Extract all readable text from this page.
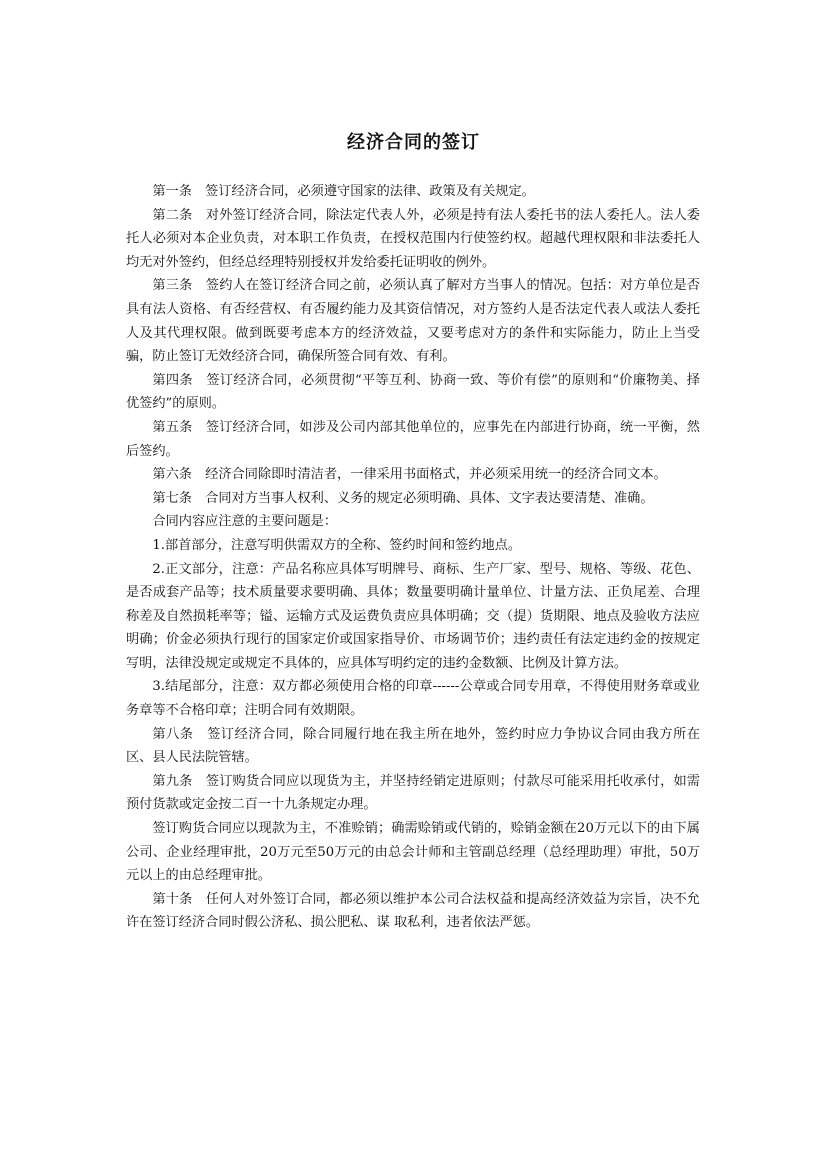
经济合同的签订

第一条　签订经济合同，必须遵守国家的法律、政策及有关规定。

第二条　对外签订经济合同，除法定代表人外，必须是持有法人委托书的法人委托人。法人委托人必须对本企业负责，对本职工作负责，在授权范围内行使签约权。超越代理权限和非法委托人均无对外签约，但经总经理特别授权并发给委托证明收的例外。

第三条　签约人在签订经济合同之前，必须认真了解对方当事人的情况。包括：对方单位是否具有法人资格、有否经营权、有否履约能力及其资信情况，对方签约人是否法定代表人或法人委托人及其代理权限。做到既要考虑本方的经济效益，又要考虑对方的条件和实际能力，防止上当受骗，防止签订无效经济合同，确保所签合同有效、有利。

第四条　签订经济合同，必须贯彻“平等互利、协商一致、等价有偿”的原则和“价廉物美、择优签约”的原则。

第五条　签订经济合同，如涉及公司内部其他单位的，应事先在内部进行协商，统一平衡，然后签约。

第六条　经济合同除即时清洁者，一律采用书面格式，并必须采用统一的经济合同文本。

第七条　合同对方当事人权利、义务的规定必须明确、具体、文字表达要清楚、准确。

合同内容应注意的主要问题是：

1.部首部分，注意写明供需双方的全称、签约时间和签约地点。

2.正文部分，注意：产品名称应具体写明牌号、商标、生产厂家、型号、规格、等级、花色、是否成套产品等；技术质量要求要明确、具体；数量要明确计量单位、计量方法、正负尾差、合理称差及自然损耗率等；镒、运输方式及运费负责应具体明确；交（提）货期限、地点及验收方法应明确；价金必须执行现行的国家定价或国家指导价、市场调节价；违约责任有法定违约金的按规定写明，法律没规定或规定不具体的，应具体写明约定的违约金数额、比例及计算方法。

3.结尾部分，注意：双方都必须使用合格的印章------公章或合同专用章，不得使用财务章或业务章等不合格印章；注明合同有效期限。

第八条　签订经济合同，除合同履行地在我主所在地外，签约时应力争协议合同由我方所在区、县人民法院管辖。

第九条　签订购货合同应以现货为主，并坚持经销定进原则；付款尽可能采用托收承付，如需预付货款或定金按二百一十九条规定办理。

签订购货合同应以现款为主，不准赊销；确需赊销或代销的，赊销金额在20万元以下的由下属公司、企业经理审批，20万元至50万元的由总会计师和主管副总经理（总经理助理）审批，50万元以上的由总经理审批。

第十条　任何人对外签订合同，都必须以维护本公司合法权益和提高经济效益为宗旨，决不允许在签订经济合同时假公济私、损公肥私、谋 取私利，违者依法严惩。
